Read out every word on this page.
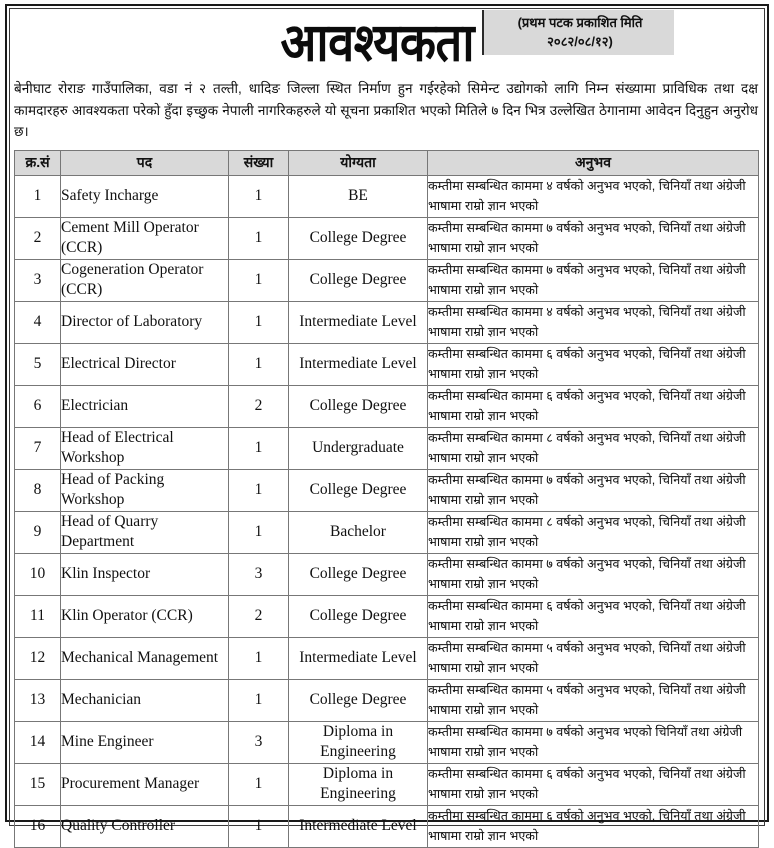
आवश्यकता	(प्रथम पटक प्रकाशित मिति
२०८२/०८/१२)
बेनीघाट रोराङ गाउँपालिका, वडा नं २ तल्ती, धादिङ जिल्ला स्थित निर्माण हुन गईरहेको सिमेन्ट उद्योगको लागि निम्न संख्यामा प्राविधिक तथा दक्ष कामदारहरु आवश्यकता परेको हुँदा इच्छुक नेपाली नागरिकहरुले यो सूचना प्रकाशित भएको मितिले ७ दिन भित्र उल्लेखित ठेगानामा आवेदन दिनुहुन अनुरोध छ।
क्र.सं	पद	संख्या	योग्यता	अनुभव
1	Safety Incharge	1	BE	कम्तीमा सम्बन्धित काममा ४ वर्षको अनुभव भएको, चिनियाँ तथा अंग्रेजी भाषामा राम्रो ज्ञान भएको
2	Cement Mill Operator (CCR)	1	College Degree	कम्तीमा सम्बन्धित काममा ७ वर्षको अनुभव भएको, चिनियाँ तथा अंग्रेजी भाषामा राम्रो ज्ञान भएको
3	Cogeneration Operator (CCR)	1	College Degree	कम्तीमा सम्बन्धित काममा ७ वर्षको अनुभव भएको, चिनियाँ तथा अंग्रेजी भाषामा राम्रो ज्ञान भएको
4	Director of Laboratory	1	Intermediate Level	कम्तीमा सम्बन्धित काममा ४ वर्षको अनुभव भएको, चिनियाँ तथा अंग्रेजी भाषामा राम्रो ज्ञान भएको
5	Electrical Director	1	Intermediate Level	कम्तीमा सम्बन्धित काममा ६ वर्षको अनुभव भएको, चिनियाँ तथा अंग्रेजी भाषामा राम्रो ज्ञान भएको
6	Electrician	2	College Degree	कम्तीमा सम्बन्धित काममा ६ वर्षको अनुभव भएको, चिनियाँ तथा अंग्रेजी भाषामा राम्रो ज्ञान भएको
7	Head of Electrical Workshop	1	Undergraduate	कम्तीमा सम्बन्धित काममा ८ वर्षको अनुभव भएको, चिनियाँ तथा अंग्रेजी भाषामा राम्रो ज्ञान भएको
8	Head of Packing Workshop	1	College Degree	कम्तीमा सम्बन्धित काममा ७ वर्षको अनुभव भएको, चिनियाँ तथा अंग्रेजी भाषामा राम्रो ज्ञान भएको
9	Head of Quarry Department	1	Bachelor	कम्तीमा सम्बन्धित काममा ८ वर्षको अनुभव भएको, चिनियाँ तथा अंग्रेजी भाषामा राम्रो ज्ञान भएको
10	Klin Inspector	3	College Degree	कम्तीमा सम्बन्धित काममा ७ वर्षको अनुभव भएको, चिनियाँ तथा अंग्रेजी भाषामा राम्रो ज्ञान भएको
11	Klin Operator (CCR)	2	College Degree	कम्तीमा सम्बन्धित काममा ६ वर्षको अनुभव भएको, चिनियाँ तथा अंग्रेजी भाषामा राम्रो ज्ञान भएको
12	Mechanical Management	1	Intermediate Level	कम्तीमा सम्बन्धित काममा ५ वर्षको अनुभव भएको, चिनियाँ तथा अंग्रेजी भाषामा राम्रो ज्ञान भएको
13	Mechanician	1	College Degree	कम्तीमा सम्बन्धित काममा ५ वर्षको अनुभव भएको, चिनियाँ तथा अंग्रेजी भाषामा राम्रो ज्ञान भएको
14	Mine Engineer	3	Diploma in Engineering	कम्तीमा सम्बन्धित काममा ७ वर्षको अनुभव भएको चिनियाँ तथा अंग्रेजी भाषामा राम्रो ज्ञान भएको
15	Procurement Manager	1	Diploma in Engineering	कम्तीमा सम्बन्धित काममा ६ वर्षको अनुभव भएको, चिनियाँ तथा अंग्रेजी भाषामा राम्रो ज्ञान भएको
16	Quality Controller	1	Intermediate Level	कम्तीमा सम्बन्धित काममा ६ वर्षको अनुभव भएको, चिनियाँ तथा अंग्रेजी भाषामा राम्रो ज्ञान भएको
